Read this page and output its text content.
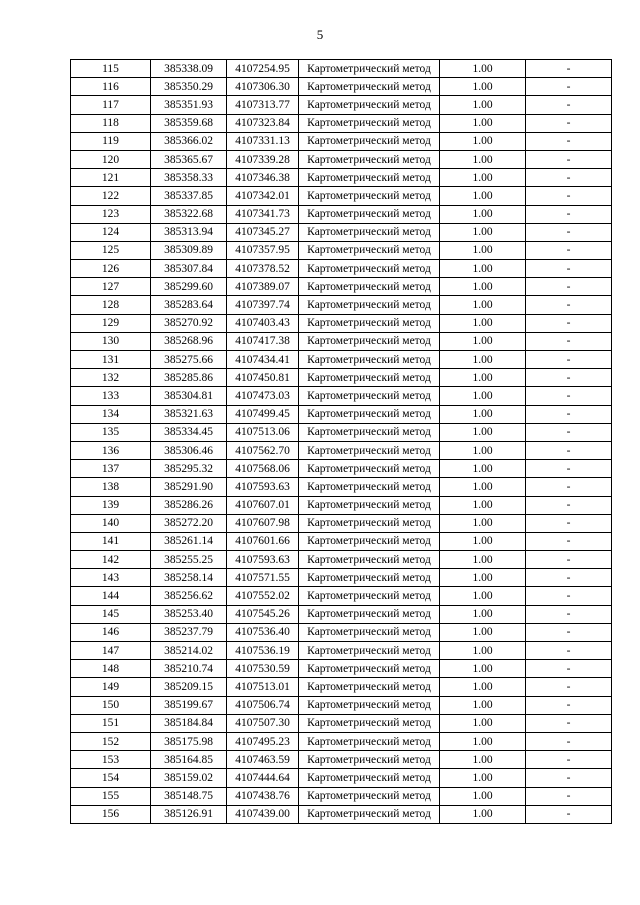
5
115	385338.09	4107254.95	Картометрический метод	1.00	-
116	385350.29	4107306.30	Картометрический метод	1.00	-
117	385351.93	4107313.77	Картометрический метод	1.00	-
118	385359.68	4107323.84	Картометрический метод	1.00	-
119	385366.02	4107331.13	Картометрический метод	1.00	-
120	385365.67	4107339.28	Картометрический метод	1.00	-
121	385358.33	4107346.38	Картометрический метод	1.00	-
122	385337.85	4107342.01	Картометрический метод	1.00	-
123	385322.68	4107341.73	Картометрический метод	1.00	-
124	385313.94	4107345.27	Картометрический метод	1.00	-
125	385309.89	4107357.95	Картометрический метод	1.00	-
126	385307.84	4107378.52	Картометрический метод	1.00	-
127	385299.60	4107389.07	Картометрический метод	1.00	-
128	385283.64	4107397.74	Картометрический метод	1.00	-
129	385270.92	4107403.43	Картометрический метод	1.00	-
130	385268.96	4107417.38	Картометрический метод	1.00	-
131	385275.66	4107434.41	Картометрический метод	1.00	-
132	385285.86	4107450.81	Картометрический метод	1.00	-
133	385304.81	4107473.03	Картометрический метод	1.00	-
134	385321.63	4107499.45	Картометрический метод	1.00	-
135	385334.45	4107513.06	Картометрический метод	1.00	-
136	385306.46	4107562.70	Картометрический метод	1.00	-
137	385295.32	4107568.06	Картометрический метод	1.00	-
138	385291.90	4107593.63	Картометрический метод	1.00	-
139	385286.26	4107607.01	Картометрический метод	1.00	-
140	385272.20	4107607.98	Картометрический метод	1.00	-
141	385261.14	4107601.66	Картометрический метод	1.00	-
142	385255.25	4107593.63	Картометрический метод	1.00	-
143	385258.14	4107571.55	Картометрический метод	1.00	-
144	385256.62	4107552.02	Картометрический метод	1.00	-
145	385253.40	4107545.26	Картометрический метод	1.00	-
146	385237.79	4107536.40	Картометрический метод	1.00	-
147	385214.02	4107536.19	Картометрический метод	1.00	-
148	385210.74	4107530.59	Картометрический метод	1.00	-
149	385209.15	4107513.01	Картометрический метод	1.00	-
150	385199.67	4107506.74	Картометрический метод	1.00	-
151	385184.84	4107507.30	Картометрический метод	1.00	-
152	385175.98	4107495.23	Картометрический метод	1.00	-
153	385164.85	4107463.59	Картометрический метод	1.00	-
154	385159.02	4107444.64	Картометрический метод	1.00	-
155	385148.75	4107438.76	Картометрический метод	1.00	-
156	385126.91	4107439.00	Картометрический метод	1.00	-
